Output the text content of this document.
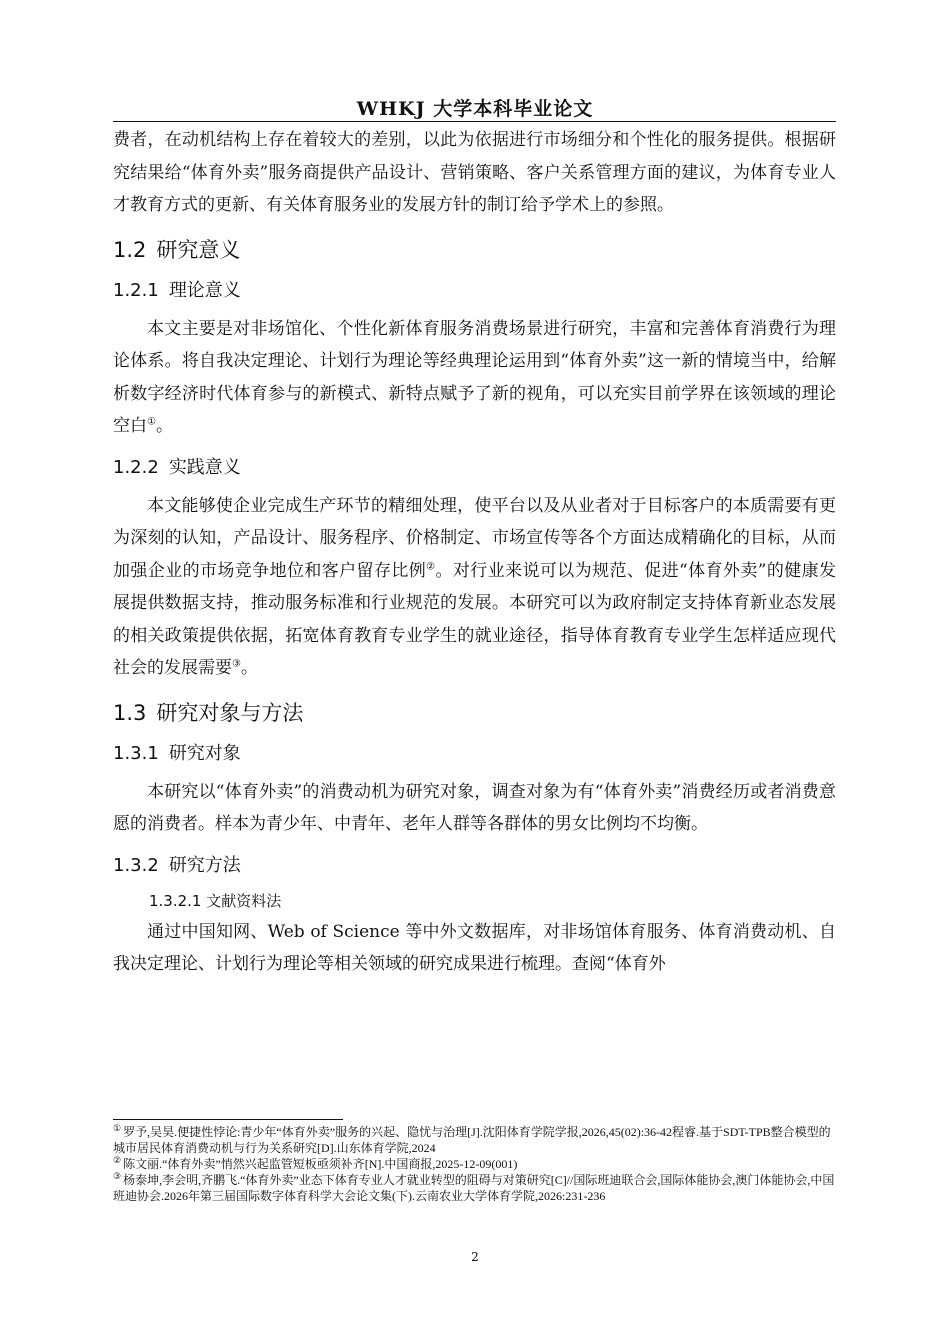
WHKJ 大学本科毕业论文

费者，在动机结构上存在着较大的差别，以此为依据进行市场细分和个性化的服务提供。根据研究结果给“体育外卖”服务商提供产品设计、营销策略、客户关系管理方面的建议，为体育专业人才教育方式的更新、有关体育服务业的发展方针的制订给予学术上的参照。

1.2 研究意义
1.2.1 理论意义

本文主要是对非场馆化、个性化新体育服务消费场景进行研究，丰富和完善体育消费行为理论体系。将自我决定理论、计划行为理论等经典理论运用到“体育外卖”这一新的情境当中，给解析数字经济时代体育参与的新模式、新特点赋予了新的视角，可以充实目前学界在该领域的理论空白①。

1.2.2 实践意义

本文能够使企业完成生产环节的精细处理，使平台以及从业者对于目标客户的本质需要有更为深刻的认知，产品设计、服务程序、价格制定、市场宣传等各个方面达成精确化的目标，从而加强企业的市场竞争地位和客户留存比例②。对行业来说可以为规范、促进“体育外卖”的健康发展提供数据支持，推动服务标准和行业规范的发展。本研究可以为政府制定支持体育新业态发展的相关政策提供依据，拓宽体育教育专业学生的就业途径，指导体育教育专业学生怎样适应现代社会的发展需要③。

1.3 研究对象与方法
1.3.1 研究对象

本研究以“体育外卖”的消费动机为研究对象，调查对象为有“体育外卖”消费经历或者消费意愿的消费者。样本为青少年、中青年、老年人群等各群体的男女比例均不均衡。

1.3.2 研究方法
1.3.2.1 文献资料法

通过中国知网、Web of Science 等中外文数据库，对非场馆体育服务、体育消费动机、自我决定理论、计划行为理论等相关领域的研究成果进行梳理。查阅“体育外

① 罗予,吴昊.便捷性悖论:青少年“体育外卖”服务的兴起、隐忧与治理[J].沈阳体育学院学报,2026,45(02):36-42程睿.基于SDT-TPB整合模型的城市居民体育消费动机与行为关系研究[D].山东体育学院,2024

② 陈文丽.“体育外卖”悄然兴起监管短板亟须补齐[N].中国商报,2025-12-09(001)

③ 杨泰坤,李会明,齐鹏飞.“体育外卖”业态下体育专业人才就业转型的阻碍与对策研究[C]//国际班迪联合会,国际体能协会,澳门体能协会,中国班迪协会.2026年第三届国际数字体育科学大会论文集(下).云南农业大学体育学院,2026:231-236

2
